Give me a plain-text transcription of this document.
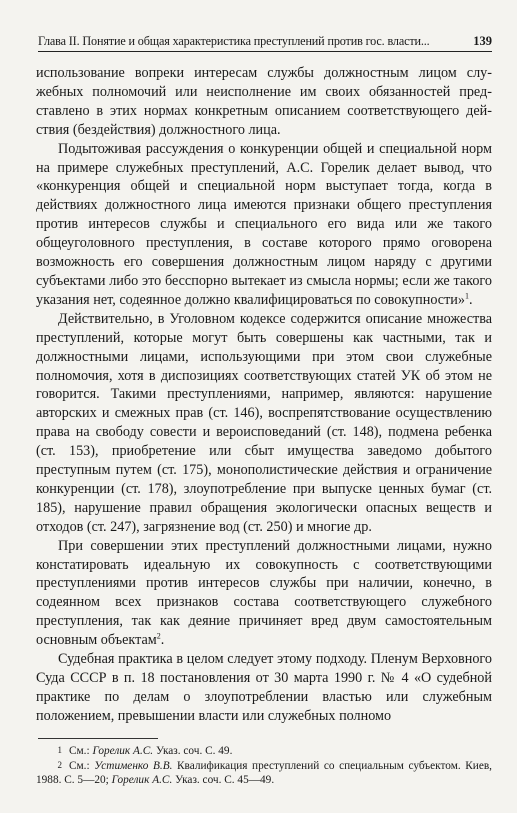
Глава II. Понятие и общая характеристика преступлений против гос. власти...	139

использование вопреки интересам службы должностным лицом служебных полномочий или неисполнение им своих обязанностей представлено в этих нормах конкретным описанием соответствующего действия (бездействия) должностного лица.

Подытоживая рассуждения о конкуренции общей и специальной норм на примере служебных преступлений, А.С. Горелик делает вывод, что «конкуренция общей и специальной норм выступает тогда, когда в действиях должностного лица имеются признаки общего преступления против интересов службы и специального его вида или же такого общеуголовного преступления, в составе которого прямо оговорена возможность его совершения должностным лицом наряду с другими субъектами либо это бесспорно вытекает из смысла нормы; если же такого указания нет, содеянное должно квалифицироваться по совокупности»$^1$.

Действительно, в Уголовном кодексе содержится описание множества преступлений, которые могут быть совершены как частными, так и должностными лицами, использующими при этом свои служебные полномочия, хотя в диспозициях соответствующих статей УК об этом не говорится. Такими преступлениями, например, являются: нарушение авторских и смежных прав (ст. 146), воспрепятствование осуществлению права на свободу совести и вероисповеданий (ст. 148), подмена ребенка (ст. 153), приобретение или сбыт имущества заведомо добытого преступным путем (ст. 175), монополистические действия и ограничение конкуренции (ст. 178), злоупотребление при выпуске ценных бумаг (ст. 185), нарушение правил обращения экологически опасных веществ и отходов (ст. 247), загрязнение вод (ст. 250) и многие др.

При совершении этих преступлений должностными лицами, нужно констатировать идеальную их совокупность с соответствующими преступлениями против интересов службы при наличии, конечно, в содеянном всех признаков состава соответствующего служебного преступления, так как деяние причиняет вред двум самостоятельным основным объектам$^2$.

Судебная практика в целом следует этому подходу. Пленум Верховного Суда СССР в п. 18 постановления от 30 марта 1990 г. № 4 «О судебной практике по делам о злоупотреблении властью или служебным положением, превышении власти или служебных полномо

1 См.: Горелик А.С. Указ. соч. С. 49.

2 См.: Устименко В.В. Квалификация преступлений со специальным субъектом. Киев, 1988. С. 5—20; Горелик А.С. Указ. соч. С. 45—49.
